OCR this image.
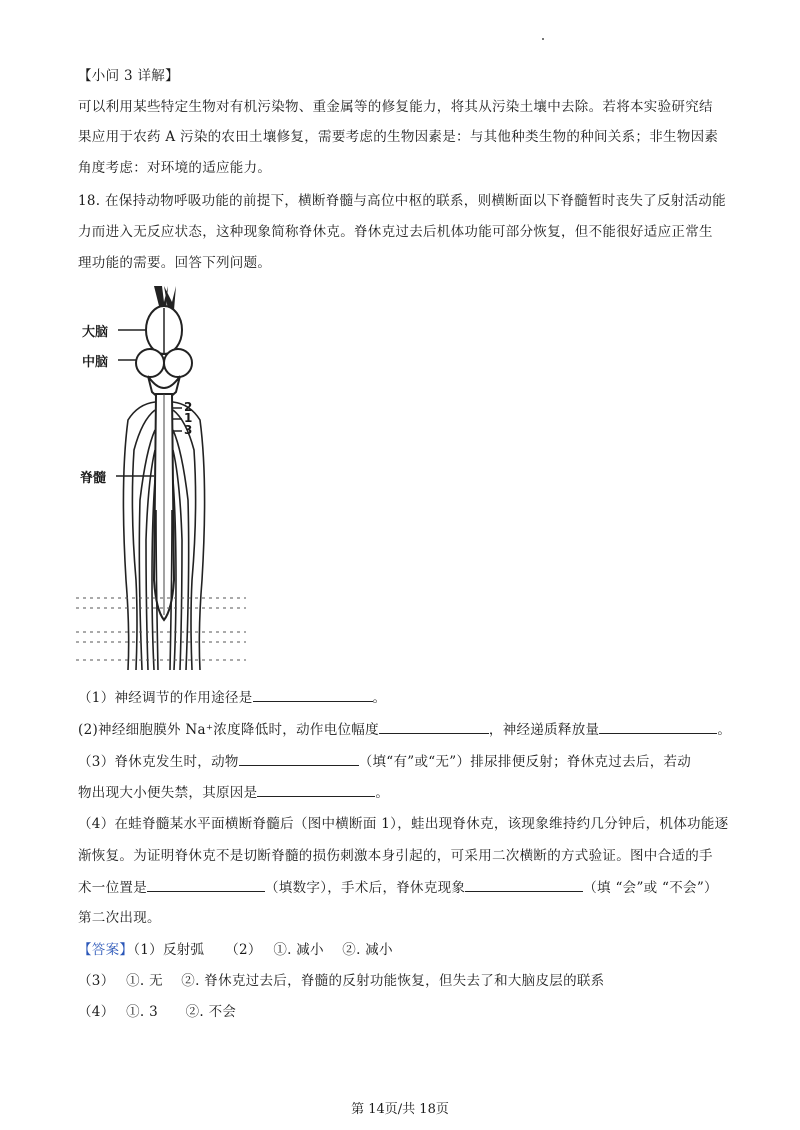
【小问 3 详解】
可以利用某些特定生物对有机污染物、重金属等的修复能力，将其从污染土壤中去除。若将本实验研究结
果应用于农药 A 污染的农田土壤修复，需要考虑的生物因素是：与其他种类生物的种间关系；非生物因素
角度考虑：对环境的适应能力。
18. 在保持动物呼吸功能的前提下，横断脊髓与高位中枢的联系，则横断面以下脊髓暂时丧失了反射活动能
力而进入无反应状态，这种现象简称脊休克。脊休克过去后机体功能可部分恢复，但不能很好适应正常生
理功能的需要。回答下列问题。
大脑
中脑
脊髓
2
1
3
（1）神经调节的作用途径是	。
(2)神经细胞膜外 Na⁺浓度降低时，动作电位幅度	，神经递质释放量	。
（3）脊休克发生时，动物	（填“有”或“无”）排尿排便反射；脊休克过去后，若动
物出现大小便失禁，其原因是	。
（4）在蛙脊髓某水平面横断脊髓后（图中横断面 1），蛙出现脊休克，该现象维持约几分钟后，机体功能逐
渐恢复。为证明脊休克不是切断脊髓的损伤刺激本身引起的，可采用二次横断的方式验证。图中合适的手
术一位置是	（填数字），手术后，脊休克现象	（填 “会”或 “不会”）
第二次出现。
【答案】（1）反射弧　　（2）　 ①. 减小　 ②. 减小
（3）　 ①. 无　 ②. 脊休克过去后，脊髓的反射功能恢复，但失去了和大脑皮层的联系
（4）　 ①. 3　　②. 不会
第 14页/共 18页
